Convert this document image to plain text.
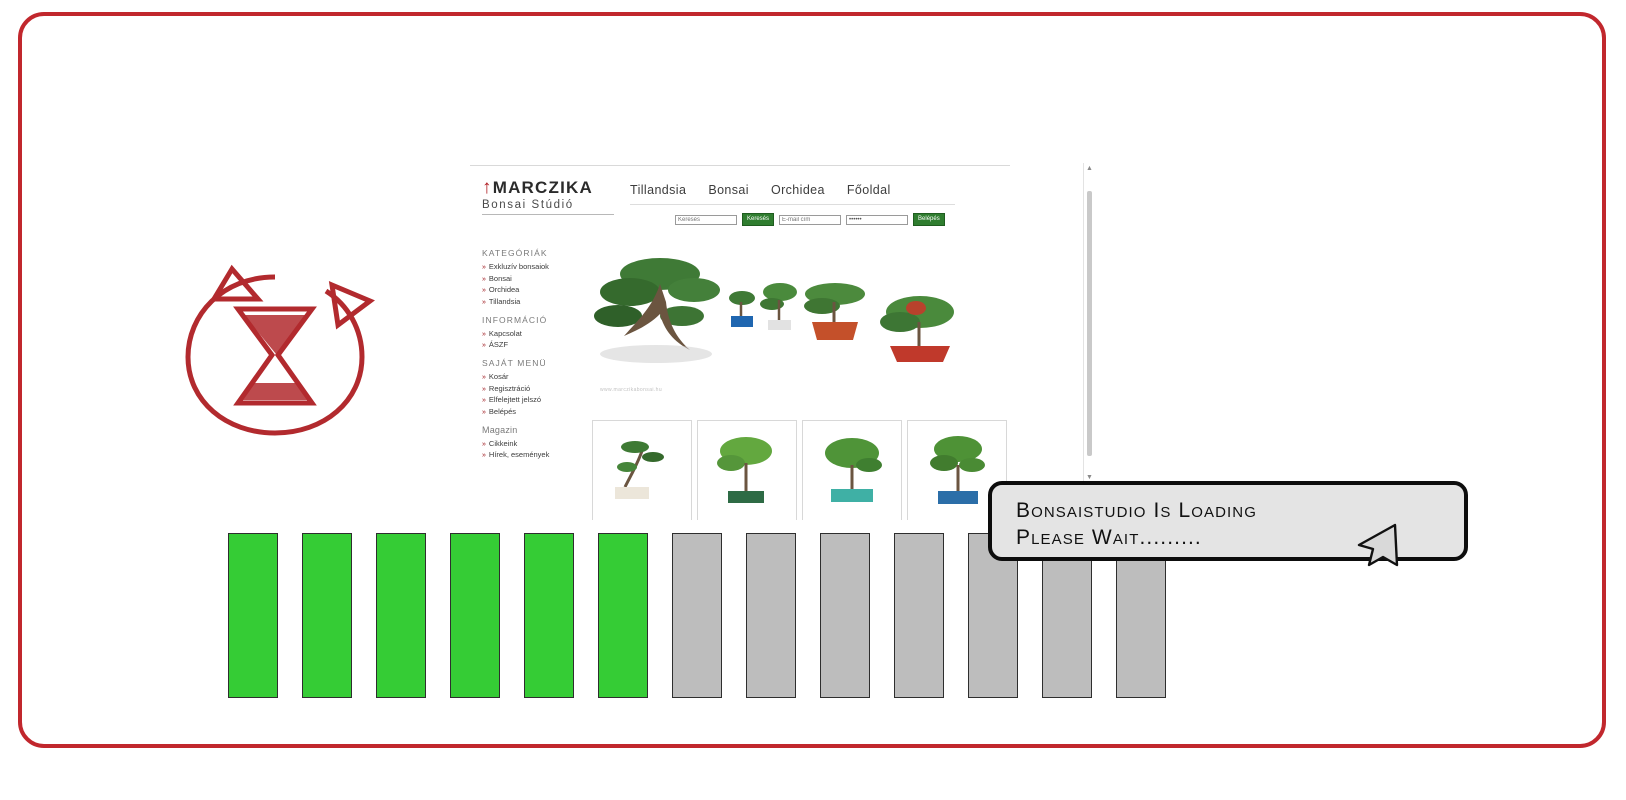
↑MARCZIKA
Bonsai Stúdió
Tillandsia Bonsai Orchidea Főoldal
Keresés
Keresés
E-mail cím
••••••	Belépés
KATEGÓRIÁK
» Exkluzív bonsaiok
» Bonsai
» Orchidea
» Tillandsia
INFORMÁCIÓ
» Kapcsolat
» ÁSZF
SAJÁT MENÜ
» Kosár
» Regisztráció
» Elfelejtett jelszó
» Belépés
Magazin
» Cikkeink
» Hírek, események
www.marczikabonsai.hu
▲
▼
Bonsaistudio Is Loading
Please Wait.........
